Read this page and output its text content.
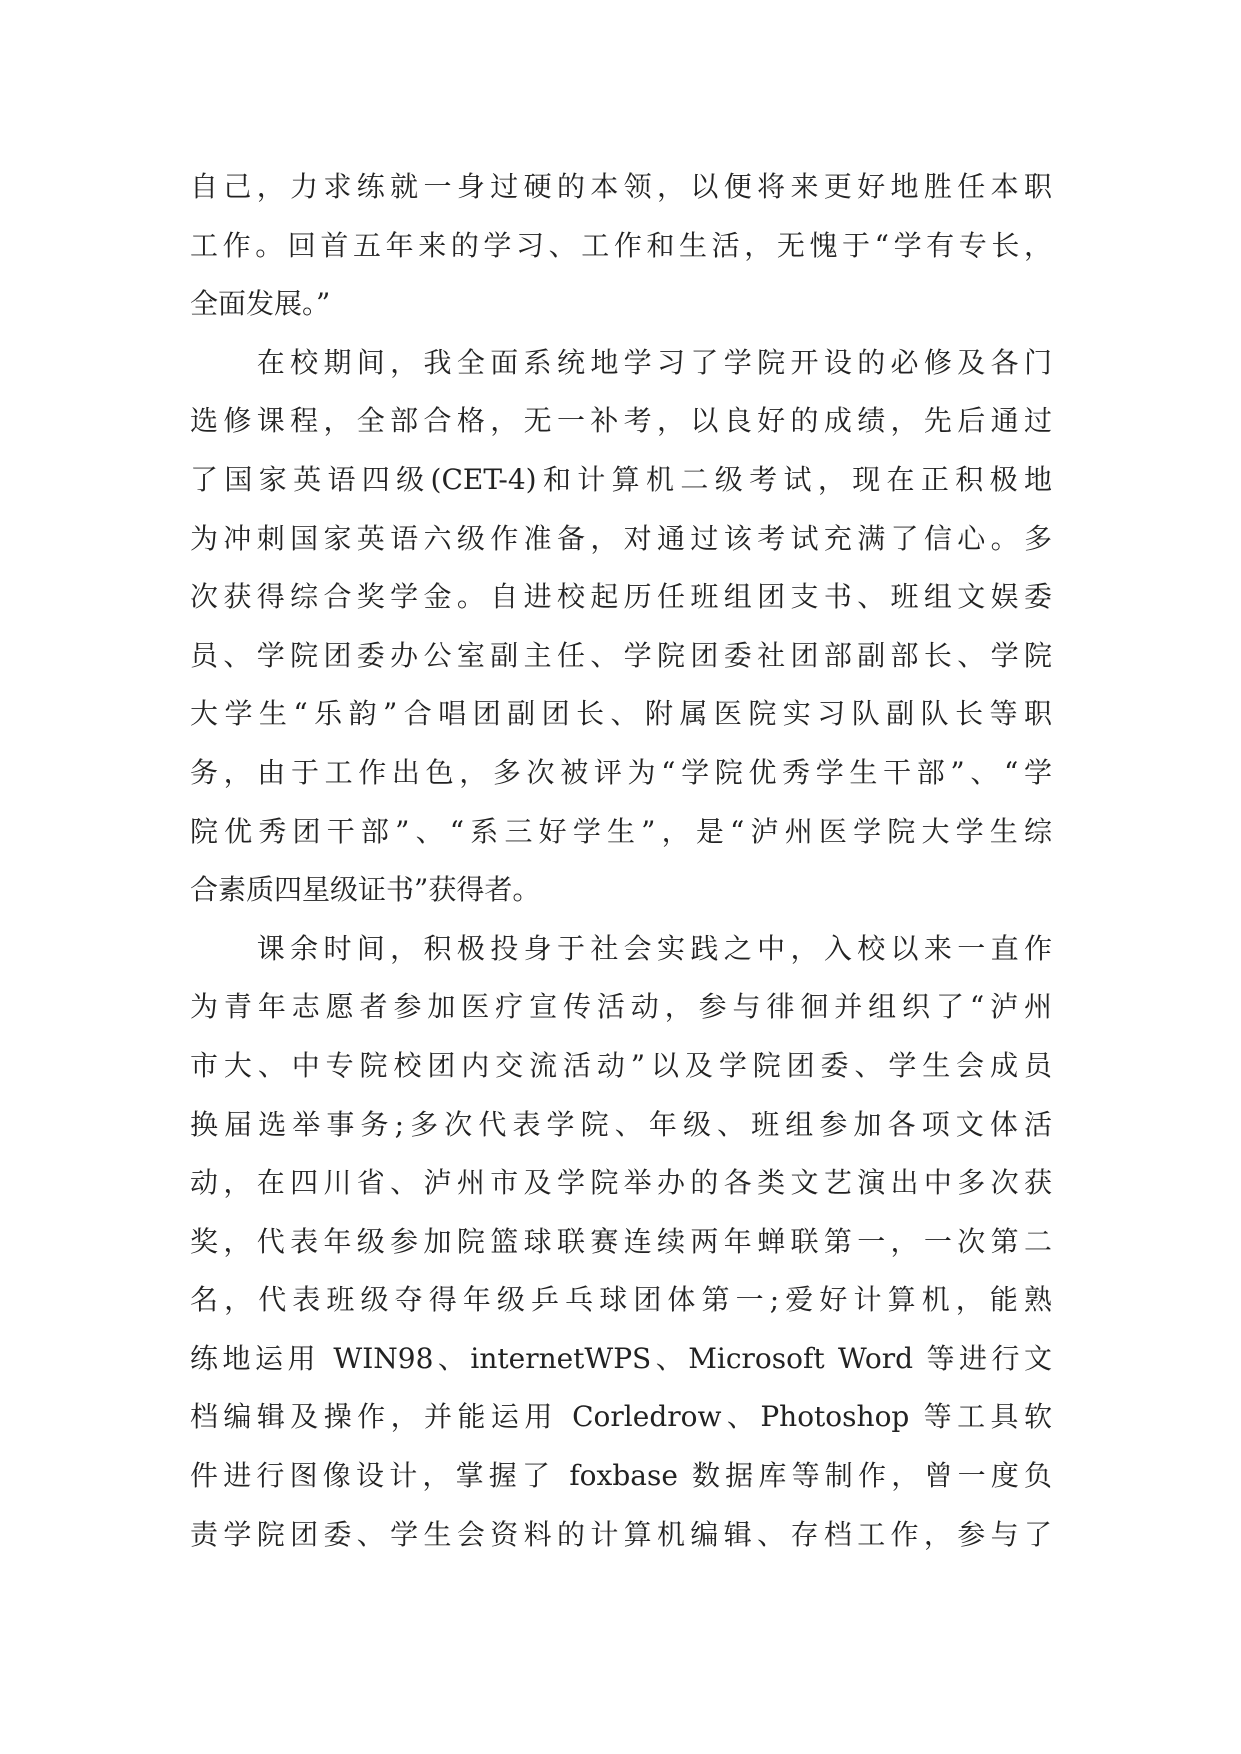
自己，力求练就一身过硬的本领，以便将来更好地胜任本职
工作。回首五年来的学习、工作和生活，无愧于“学有专长，
全面发展。”
　　在校期间，我全面系统地学习了学院开设的必修及各门
选修课程，全部合格，无一补考，以良好的成绩，先后通过
了国家英语四级(CET-4)和计算机二级考试，现在正积极地
为冲刺国家英语六级作准备，对通过该考试充满了信心。多
次获得综合奖学金。自进校起历任班组团支书、班组文娱委
员、学院团委办公室副主任、学院团委社团部副部长、学院
大学生“乐韵”合唱团副团长、附属医院实习队副队长等职
务，由于工作出色，多次被评为“学院优秀学生干部”、“学
院优秀团干部”、“系三好学生”，是“泸州医学院大学生综
合素质四星级证书”获得者。
　　课余时间，积极投身于社会实践之中，入校以来一直作
为青年志愿者参加医疗宣传活动，参与徘徊并组织了“泸州
市大、中专院校团内交流活动”以及学院团委、学生会成员
换届选举事务;多次代表学院、年级、班组参加各项文体活
动，在四川省、泸州市及学院举办的各类文艺演出中多次获
奖，代表年级参加院篮球联赛连续两年蝉联第一，一次第二
名，代表班级夺得年级乒乓球团体第一;爱好计算机，能熟
练地运用 WIN98、internetWPS、Microsoft Word 等进行文
档编辑及操作，并能运用 Corledrow、Photoshop 等工具软
件进行图像设计，掌握了 foxbase 数据库等制作，曾一度负
责学院团委、学生会资料的计算机编辑、存档工作，参与了
